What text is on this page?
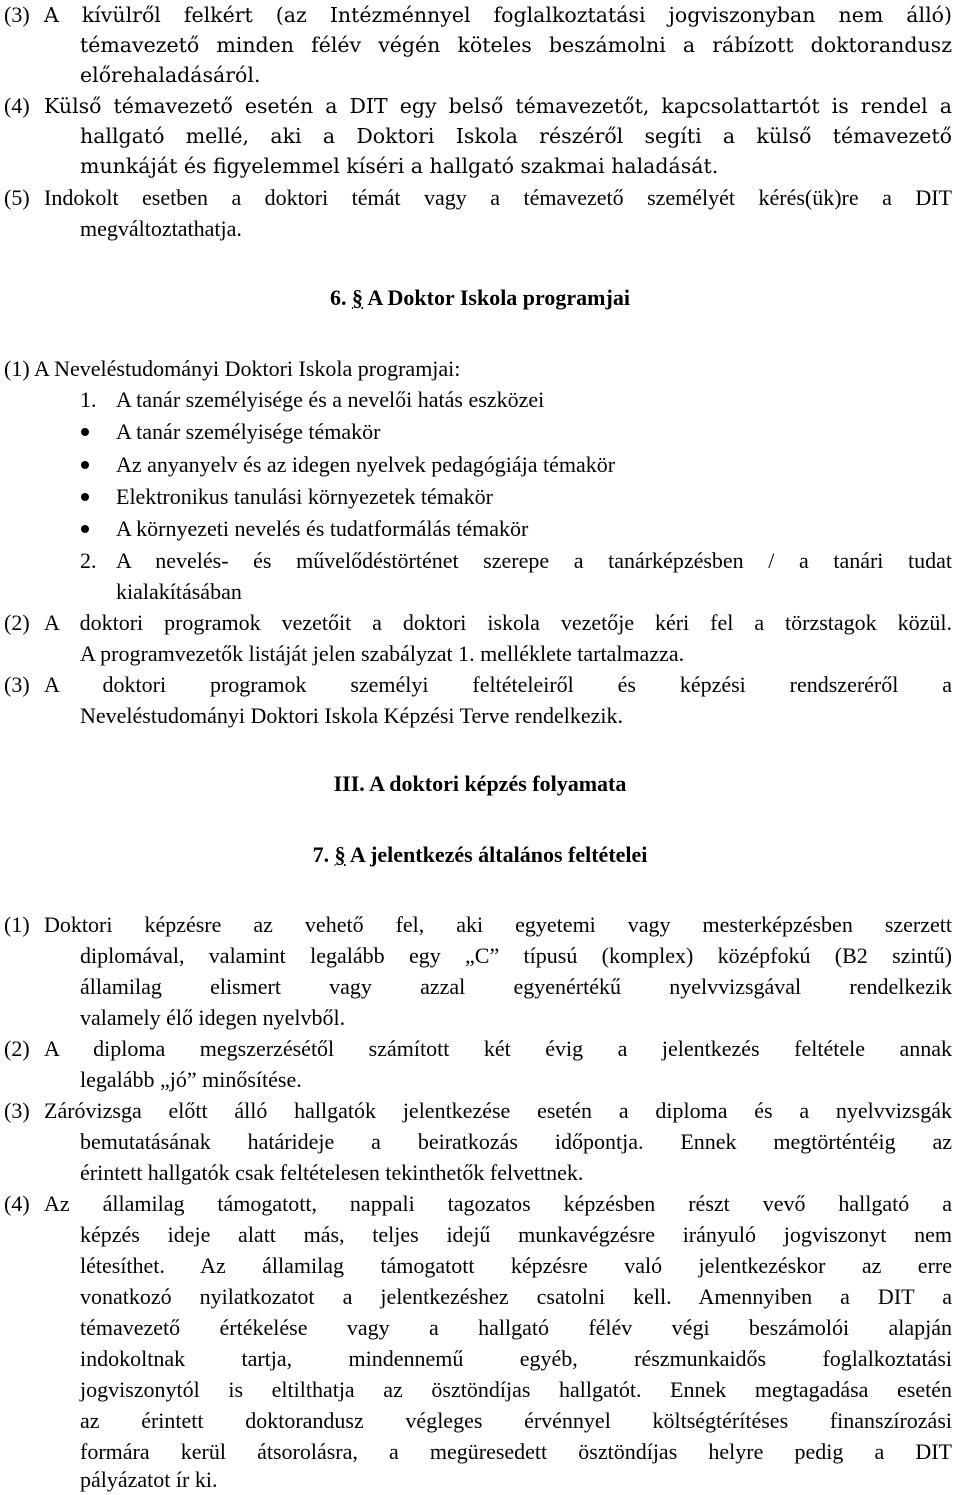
(3) A kívülről felkért (az Intézménnyel foglalkoztatási jogviszonyban nem álló)
témavezető minden félév végén köteles beszámolni a rábízott doktorandusz
előrehaladásáról.
(4) Külső témavezető esetén a DIT egy belső témavezetőt, kapcsolattartót is rendel a
hallgató mellé, aki a Doktori Iskola részéről segíti a külső témavezető
munkáját és figyelemmel kíséri a hallgató szakmai haladását.
(5) Indokolt esetben a doktori témát vagy a témavezető személyét kérés(ük)re a DIT
megváltoztathatja.
6. § A Doktor Iskola programjai
(1) A Neveléstudományi Doktori Iskola programjai:
1. A tanár személyisége és a nevelői hatás eszközei
A tanár személyisége témakör
Az anyanyelv és az idegen nyelvek pedagógiája témakör
Elektronikus tanulási környezetek témakör
A környezeti nevelés és tudatformálás témakör
2. A nevelés- és művelődéstörténet szerepe a tanárképzésben / a tanári tudat
kialakításában
(2) A doktori programok vezetőit a doktori iskola vezetője kéri fel a törzstagok közül.
A programvezetők listáját jelen szabályzat 1. melléklete tartalmazza.
(3) A doktori programok személyi feltételeiről és képzési rendszeréről a
Neveléstudományi Doktori Iskola Képzési Terve rendelkezik.
III. A doktori képzés folyamata
7. § A jelentkezés általános feltételei
(1) Doktori képzésre az vehető fel, aki egyetemi vagy mesterképzésben szerzett
diplomával, valamint legalább egy „C” típusú (komplex) középfokú (B2 szintű)
államilag elismert vagy azzal egyenértékű nyelvvizsgával rendelkezik
valamely élő idegen nyelvből.
(2) A diploma megszerzésétől számított két évig a jelentkezés feltétele annak
legalább „jó” minősítése.
(3) Záróvizsga előtt álló hallgatók jelentkezése esetén a diploma és a nyelvvizsgák
bemutatásának határideje a beiratkozás időpontja. Ennek megtörténtéig az
érintett hallgatók csak feltételesen tekinthetők felvettnek.
(4) Az államilag támogatott, nappali tagozatos képzésben részt vevő hallgató a
képzés ideje alatt más, teljes idejű munkavégzésre irányuló jogviszonyt nem
létesíthet. Az államilag támogatott képzésre való jelentkezéskor az erre
vonatkozó nyilatkozatot a jelentkezéshez csatolni kell. Amennyiben a DIT a
témavezető értékelése vagy a hallgató félév végi beszámolói alapján
indokoltnak tartja, mindennemű egyéb, részmunkaidős foglalkoztatási
jogviszonytól is eltilthatja az ösztöndíjas hallgatót. Ennek megtagadása esetén
az érintett doktorandusz végleges érvénnyel költségtérítéses finanszírozási
formára kerül átsorolásra, a megüresedett ösztöndíjas helyre pedig a DIT
pályázatot ír ki.
